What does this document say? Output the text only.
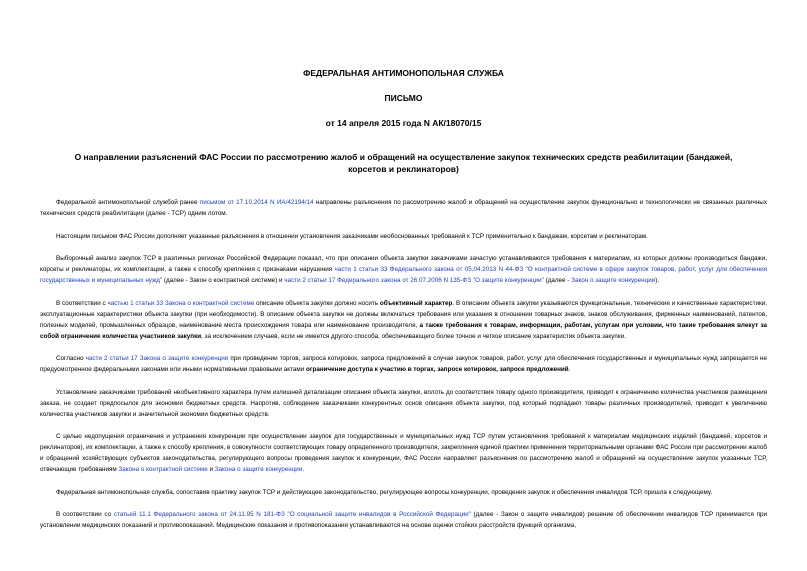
ФЕДЕРАЛЬНАЯ АНТИМОНОПОЛЬНАЯ СЛУЖБА
ПИСЬМО
от 14 апреля 2015 года N АК/18070/15
О направлении разъяснений ФАС России по рассмотрению жалоб и обращений на осуществление закупок технических средств реабилитации (бандажей, корсетов и реклинаторов)

Федеральной антимонопольной службой ранее письмом от 17.10.2014 N ИА/42194/14 направлены разъяснения по рассмотрению жалоб и обращений на осуществление закупок функционально и технологически не связанных различных технических средств реабилитации (далее - ТСР) одним лотом.

Настоящим письмом ФАС России дополняет указанные разъяснения в отношении установления заказчиками необоснованных требований к ТСР применительно к бандажам, корсетам и реклинаторам.

Выборочный анализ закупок ТСР в различных регионах Российской Федерации показал, что при описании объекта закупки заказчиками зачастую устанавливаются требования к материалам, из которых должны производиться бандажи, корсеты и реклинаторы, их комплектации, а также к способу крепления с признаками нарушения части 1 статьи 33 Федерального закона от 05.04.2013 N 44-ФЗ "О контрактной системе в сфере закупок товаров, работ, услуг для обеспечения государственных и муниципальных нужд" (далее - Закон о контрактной системе) и части 2 статьи 17 Федерального закона от 26.07.2006 N 135-ФЗ "О защите конкуренции" (далее - Закон о защите конкуренции).

В соответствии с частью 1 статьи 33 Закона о контрактной системе описание объекта закупки должно носить объективный характер. В описании объекта закупки указываются функциональные, технические и качественные характеристики, эксплуатационные характеристики объекта закупки (при необходимости). В описание объекта закупки не должны включаться требования или указания в отношении товарных знаков, знаков обслуживания, фирменных наименований, патентов, полезных моделей, промышленных образцов, наименование места происхождения товара или наименование производителя, а также требования к товарам, информации, работам, услугам при условии, что такие требования влекут за собой ограничение количества участников закупки, за исключением случаев, если не имеется другого способа, обеспечивающего более точное и четкое описание характеристик объекта закупки.

Согласно части 2 статьи 17 Закона о защите конкуренции при проведении торгов, запроса котировок, запроса предложений в случае закупок товаров, работ, услуг для обеспечения государственных и муниципальных нужд запрещается не предусмотренное федеральными законами или иными нормативными правовыми актами ограничение доступа к участию в торгах, запросе котировок, запросе предложений.

Установление заказчиками требований необъективного характера путем излишней детализации описания объекта закупки, вплоть до соответствия товару одного производителя, приводит к ограничению количества участников размещения заказа, не создает предпосылок для экономии бюджетных средств. Напротив, соблюдение заказчиками конкурентных основ описания объекта закупки, под который подпадают товары различных производителей, приводит к увеличению количества участников закупки и значительной экономии бюджетных средств.

С целью недопущения ограничения и устранения конкуренции при осуществлении закупок для государственных и муниципальных нужд ТСР путем установления требований к материалам медицинских изделий (бандажей, корсетов и реклинаторов), их комплектации, а также к способу крепления, в совокупности соответствующих товару определенного производителя, закрепления единой практики применения территориальными органами ФАС России при рассмотрении жалоб и обращений хозяйствующих субъектов законодательства, регулирующего вопросы проведения закупок и конкуренции, ФАС России направляет разъяснения по рассмотрению жалоб и обращений на осуществление закупок указанных ТСР, отвечающие требованиям Закона о контрактной системе и Закона о защите конкуренции.

Федеральная антимонопольная служба, сопоставив практику закупок ТСР и действующее законодательство, регулирующее вопросы конкуренции, проведения закупок и обеспечения инвалидов ТСР, пришла к следующему.

В соответствии со статьей 11.1 Федерального закона от 24.11.95 N 181-ФЗ "О социальной защите инвалидов в Российской Федерации" (далее - Закон о защите инвалидов) решение об обеспечении инвалидов ТСР принимается при установлении медицинских показаний и противопоказаний. Медицинские показания и противопоказания устанавливаются на основе оценки стойких расстройств функций организма,
